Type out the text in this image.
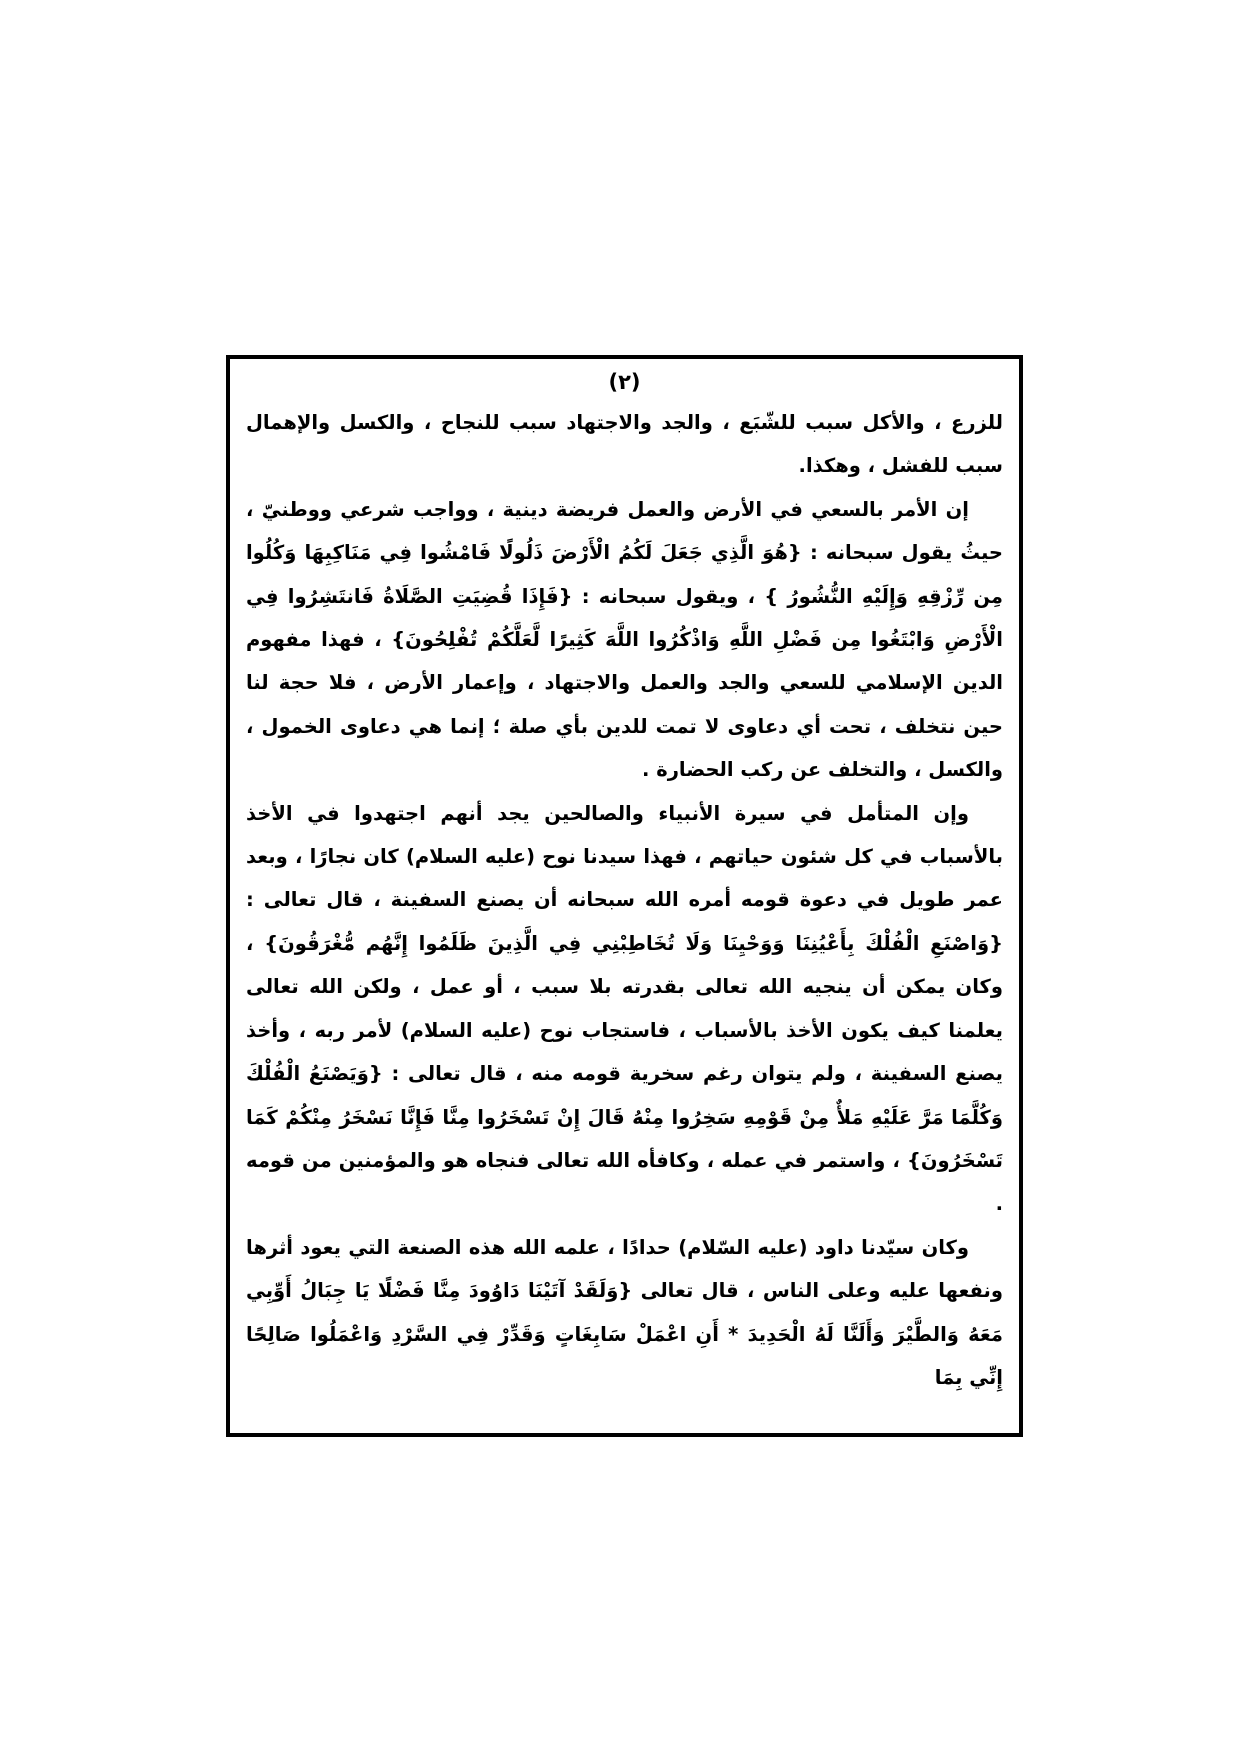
(٢)

للزرع ، والأكل سبب للشّبَع ، والجد والاجتهاد سبب للنجاح ، والكسل والإهمال سبب للفشل ، وهكذا.

إن الأمر بالسعي في الأرض والعمل فريضة دينية ، وواجب شرعي ووطنيّ ، حيثُ يقول سبحانه : {هُوَ الَّذِي جَعَلَ لَكُمُ الْأَرْضَ ذَلُولًا فَامْشُوا فِي مَنَاكِبِهَا وَكُلُوا مِن رِّزْقِهِ وَإِلَيْهِ النُّشُورُ } ، ويقول سبحانه : {فَإِذَا قُضِيَتِ الصَّلَاةُ فَانتَشِرُوا فِي الْأَرْضِ وَابْتَغُوا مِن فَضْلِ اللَّهِ وَاذْكُرُوا اللَّهَ كَثِيرًا لَّعَلَّكُمْ تُفْلِحُونَ} ، فهذا مفهوم الدين الإسلامي للسعي والجد والعمل والاجتهاد ، وإعمار الأرض ، فلا حجة لنا حين نتخلف ، تحت أي دعاوى لا تمت للدين بأي صلة ؛ إنما هي دعاوى الخمول ، والكسل ، والتخلف عن ركب الحضارة .

وإن المتأمل في سيرة الأنبياء والصالحين يجد أنهم اجتهدوا في الأخذ بالأسباب في كل شئون حياتهم ، فهذا سيدنا نوح (عليه السلام) كان نجارًا ، وبعد عمر طويل في دعوة قومه أمره الله سبحانه أن يصنع السفينة ، قال تعالى : {وَاصْنَعِ الْفُلْكَ بِأَعْيُنِنَا وَوَحْيِنَا وَلَا تُخَاطِبْنِي فِي الَّذِينَ ظَلَمُوا إِنَّهُم مُّغْرَقُونَ} ، وكان يمكن أن ينجيه الله تعالى بقدرته بلا سبب ، أو عمل ، ولكن الله تعالى يعلمنا كيف يكون الأخذ بالأسباب ، فاستجاب نوح (عليه السلام) لأمر ربه ، وأخذ يصنع السفينة ، ولم يتوان رغم سخرية قومه منه ، قال تعالى : {وَيَصْنَعُ الْفُلْكَ وَكُلَّمَا مَرَّ عَلَيْهِ مَلأٌ مِنْ قَوْمِهِ سَخِرُوا مِنْهُ قَالَ إِنْ تَسْخَرُوا مِنَّا فَإِنَّا نَسْخَرُ مِنْكُمْ كَمَا تَسْخَرُونَ} ، واستمر في عمله ، وكافأه الله تعالى فنجاه هو والمؤمنين من قومه .

وكان سيّدنا داود (عليه السّلام) حدادًا ، علمه الله هذه الصنعة التي يعود أثرها ونفعها عليه وعلى الناس ، قال تعالى {وَلَقَدْ آتَيْنَا دَاوُودَ مِنَّا فَضْلًا يَا جِبَالُ أَوِّبِي مَعَهُ وَالطَّيْرَ وَأَلَنَّا لَهُ الْحَدِيدَ * أَنِ اعْمَلْ سَابِغَاتٍ وَقَدِّرْ فِي السَّرْدِ وَاعْمَلُوا صَالِحًا إِنِّي بِمَا
